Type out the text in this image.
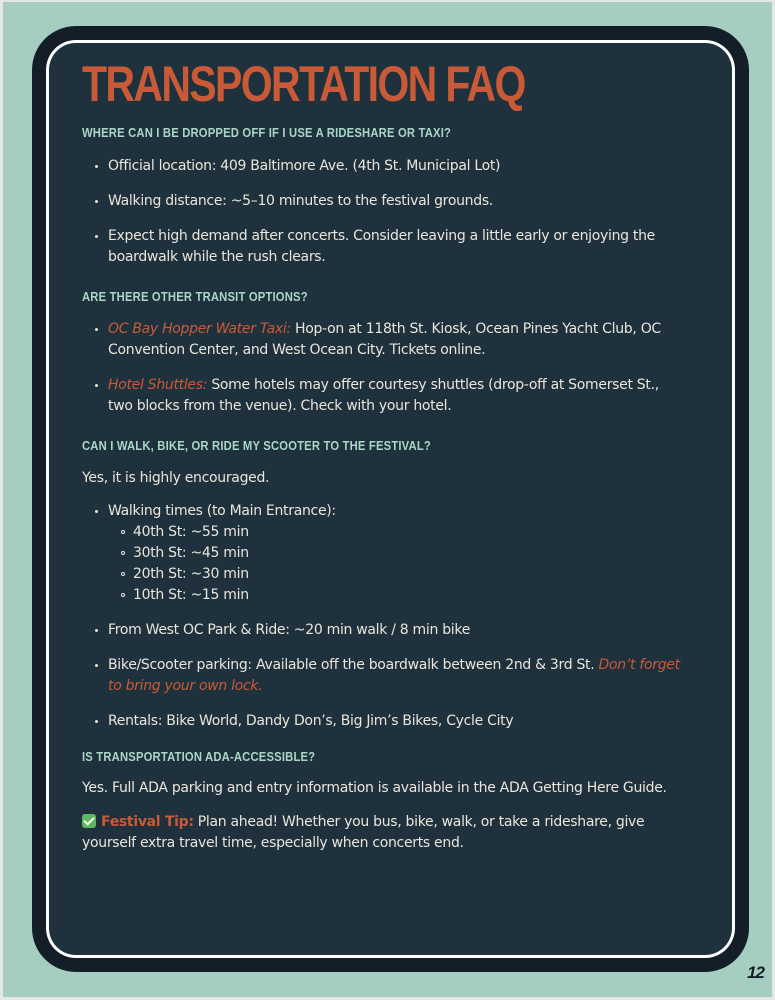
TRANSPORTATION FAQ
WHERE CAN I BE DROPPED OFF IF I USE A RIDESHARE OR TAXI?
Official location: 409 Baltimore Ave. (4th St. Municipal Lot)
Walking distance: ~5–10 minutes to the festival grounds.
Expect high demand after concerts. Consider leaving a little early or enjoying the boardwalk while the rush clears.
ARE THERE OTHER TRANSIT OPTIONS?
OC Bay Hopper Water Taxi: Hop-on at 118th St. Kiosk, Ocean Pines Yacht Club, OC Convention Center, and West Ocean City. Tickets online.
Hotel Shuttles: Some hotels may offer courtesy shuttles (drop-off at Somerset St., two blocks from the venue). Check with your hotel.
CAN I WALK, BIKE, OR RIDE MY SCOOTER TO THE FESTIVAL?
Yes, it is highly encouraged.
Walking times (to Main Entrance):
40th St: ~55 min
30th St: ~45 min
20th St: ~30 min
10th St: ~15 min
From West OC Park & Ride: ~20 min walk / 8 min bike
Bike/Scooter parking: Available off the boardwalk between 2nd & 3rd St. Don’t forget to bring your own lock.
Rentals: Bike World, Dandy Don’s, Big Jim’s Bikes, Cycle City
IS TRANSPORTATION ADA-ACCESSIBLE?
Yes. Full ADA parking and entry information is available in the ADA Getting Here Guide.
Festival Tip: Plan ahead! Whether you bus, bike, walk, or take a rideshare, give yourself extra travel time, especially when concerts end.
12
